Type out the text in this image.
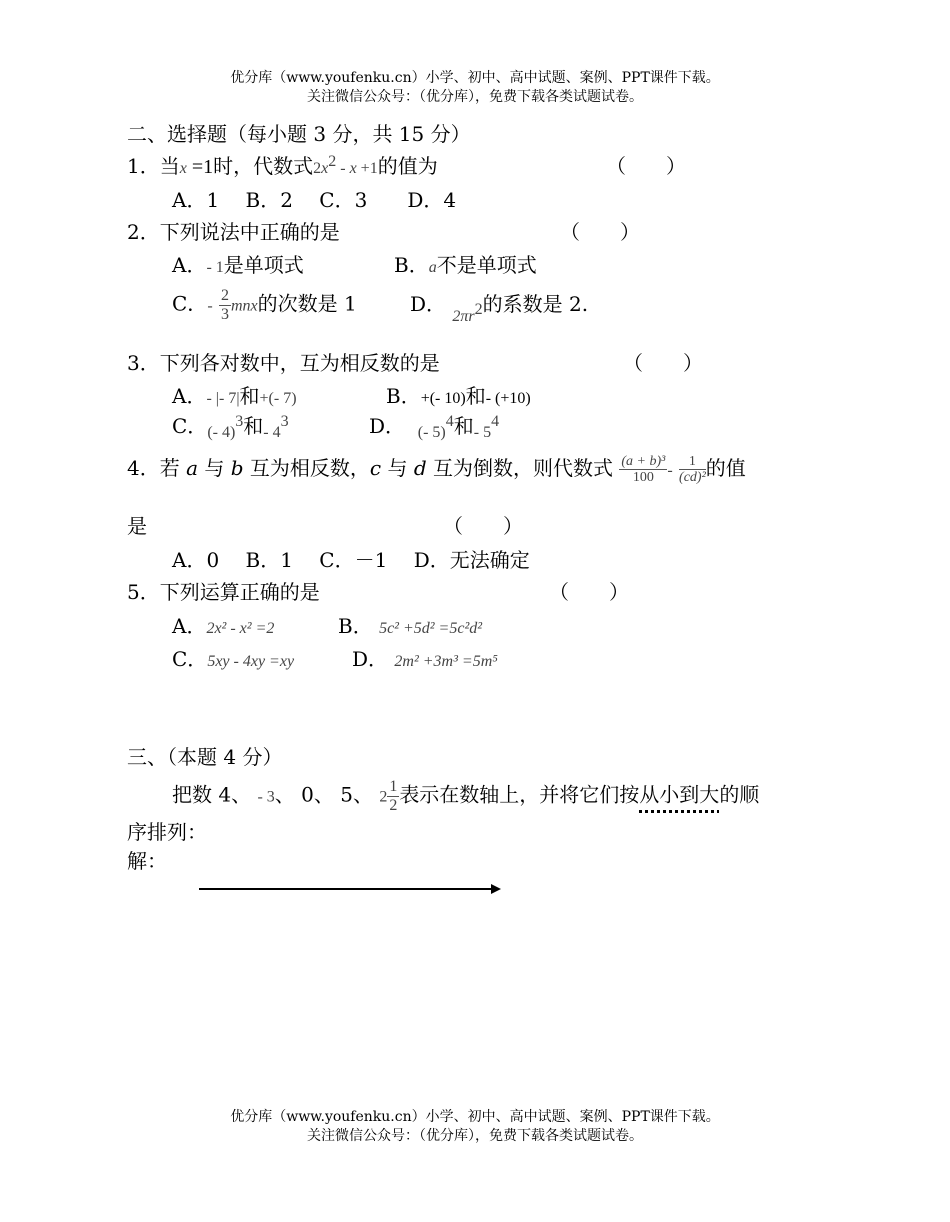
优分库（www.youfenku.cn）小学、初中、高中试题、案例、PPT课件下载。
关注微信公众号：（优分库），免费下载各类试题试卷。
二、选择题（每小题 3 分，共 15 分）
1．当x =1时，代数式$2x^2 - x +1$的值为	（　　）
A．1　 B．2　 C．3　　D．4
2．下列说法中正确的是	（　　）
A．- 1是单项式	B．a不是单项式
C．- $\frac{2}{3}$ mnx的次数是 1	D． $_{2\pi r}^2$的系数是 2.
3．下列各对数中，互为相反数的是	（　　）
A．- |- 7|和+(- 7)	B．+(- 10)和- (+10)
C．$_{(- 4)}^3$和$_{- 4}^3$	D． $_{(- 5)}^4$和$_{- 5}^4$
4．若 a 与 b 互为相反数，c 与 d 互为倒数，则代数式 $\frac{\text{(a + b)³}}{100} - \frac{1}{\text{(cd)²}}$ 的值
是	（　　）
A．0　 B．1　 C．－1　 D．无法确定
5．下列运算正确的是	（　　）
A．2x² - x² =2	B． 5c² +5d² =5c²d²
C．5xy - 4xy =xy	D． 2m² +3m³ =5m⁵
三、（本题 4 分）
把数 4、 - 3、 0、 5、 $2 \frac{1}{2}$ 表示在数轴上，并将它们按从小到大的顺
序排列：
解：
优分库（www.youfenku.cn）小学、初中、高中试题、案例、PPT课件下载。
关注微信公众号：（优分库），免费下载各类试题试卷。
